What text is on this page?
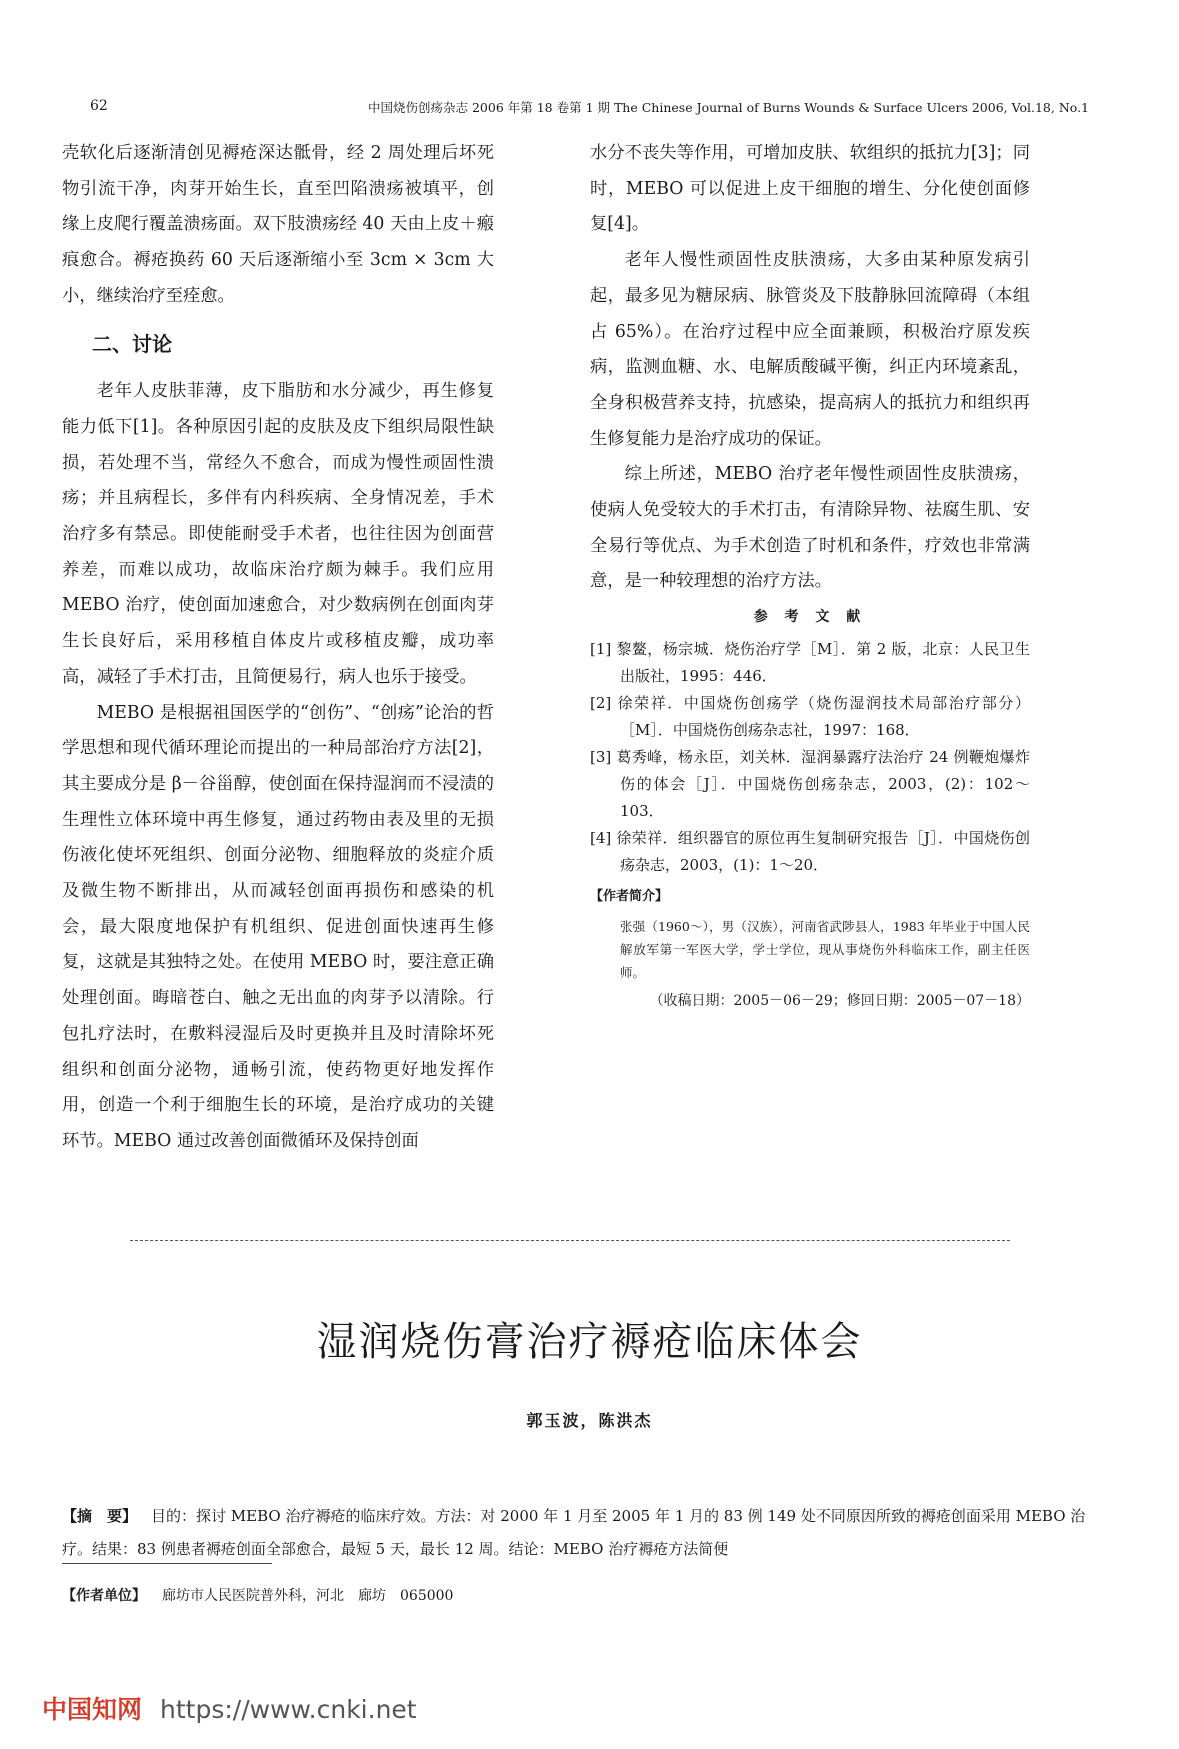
62	中国烧伤创疡杂志 2006 年第 18 卷第 1 期 The Chinese Journal of Burns Wounds & Surface Ulcers 2006, Vol.18, No.1

壳软化后逐渐清创见褥疮深达骶骨，经 2 周处理后坏死物引流干净，肉芽开始生长，直至凹陷溃疡被填平，创缘上皮爬行覆盖溃疡面。双下肢溃疡经 40 天由上皮＋瘢痕愈合。褥疮换药 60 天后逐渐缩小至 3cm × 3cm 大小，继续治疗至痊愈。

二、讨论

老年人皮肤菲薄，皮下脂肪和水分减少，再生修复能力低下[1]。各种原因引起的皮肤及皮下组织局限性缺损，若处理不当，常经久不愈合，而成为慢性顽固性溃疡；并且病程长，多伴有内科疾病、全身情况差，手术治疗多有禁忌。即使能耐受手术者，也往往因为创面营养差，而难以成功，故临床治疗颇为棘手。我们应用 MEBO 治疗，使创面加速愈合，对少数病例在创面肉芽生长良好后，采用移植自体皮片或移植皮瓣，成功率高，减轻了手术打击，且简便易行，病人也乐于接受。

MEBO 是根据祖国医学的“创伤”、“创疡”论治的哲学思想和现代循环理论而提出的一种局部治疗方法[2]，其主要成分是 β－谷甾醇，使创面在保持湿润而不浸渍的生理性立体环境中再生修复，通过药物由表及里的无损伤液化使坏死组织、创面分泌物、细胞释放的炎症介质及微生物不断排出，从而减轻创面再损伤和感染的机会，最大限度地保护有机组织、促进创面快速再生修复，这就是其独特之处。在使用 MEBO 时，要注意正确处理创面。晦暗苍白、触之无出血的肉芽予以清除。行包扎疗法时，在敷料浸湿后及时更换并且及时清除坏死组织和创面分泌物，通畅引流，使药物更好地发挥作用，创造一个利于细胞生长的环境，是治疗成功的关键环节。MEBO 通过改善创面微循环及保持创面

水分不丧失等作用，可增加皮肤、软组织的抵抗力[3]；同时，MEBO 可以促进上皮干细胞的增生、分化使创面修复[4]。

老年人慢性顽固性皮肤溃疡，大多由某种原发病引起，最多见为糖尿病、脉管炎及下肢静脉回流障碍（本组占 65%）。在治疗过程中应全面兼顾，积极治疗原发疾病，监测血糖、水、电解质酸碱平衡，纠正内环境紊乱，全身积极营养支持，抗感染，提高病人的抵抗力和组织再生修复能力是治疗成功的保证。

综上所述，MEBO 治疗老年慢性顽固性皮肤溃疡，使病人免受较大的手术打击，有清除异物、祛腐生肌、安全易行等优点、为手术创造了时机和条件，疗效也非常满意，是一种较理想的治疗方法。

参 考 文 献

[1] 黎鳌，杨宗城．烧伤治疗学［M］．第 2 版，北京：人民卫生出版社，1995：446．

[2] 徐荣祥．中国烧伤创疡学（烧伤湿润技术局部治疗部分）［M］．中国烧伤创疡杂志社，1997：168．

[3] 葛秀峰，杨永臣，刘关林．湿润暴露疗法治疗 24 例鞭炮爆炸伤的体会［J］．中国烧伤创疡杂志，2003，(2)：102～103．

[4] 徐荣祥．组织器官的原位再生复制研究报告［J］．中国烧伤创疡杂志，2003，(1)：1～20．

【作者简介】

张强（1960～），男（汉族），河南省武陟县人，1983 年毕业于中国人民解放军第一军医大学，学士学位，现从事烧伤外科临床工作，副主任医师。

（收稿日期：2005－06－29；修回日期：2005－07－18）

湿润烧伤膏治疗褥疮临床体会
郭玉波，陈洪杰
【摘　要】 目的：探讨 MEBO 治疗褥疮的临床疗效。方法：对 2000 年 1 月至 2005 年 1 月的 83 例 149 处不同原因所致的褥疮创面采用 MEBO 治疗。结果：83 例患者褥疮创面全部愈合，最短 5 天，最长 12 周。结论：MEBO 治疗褥疮方法简便
【作者单位】 廊坊市人民医院普外科，河北　廊坊　065000
中国知网 https://www.cnki.net
